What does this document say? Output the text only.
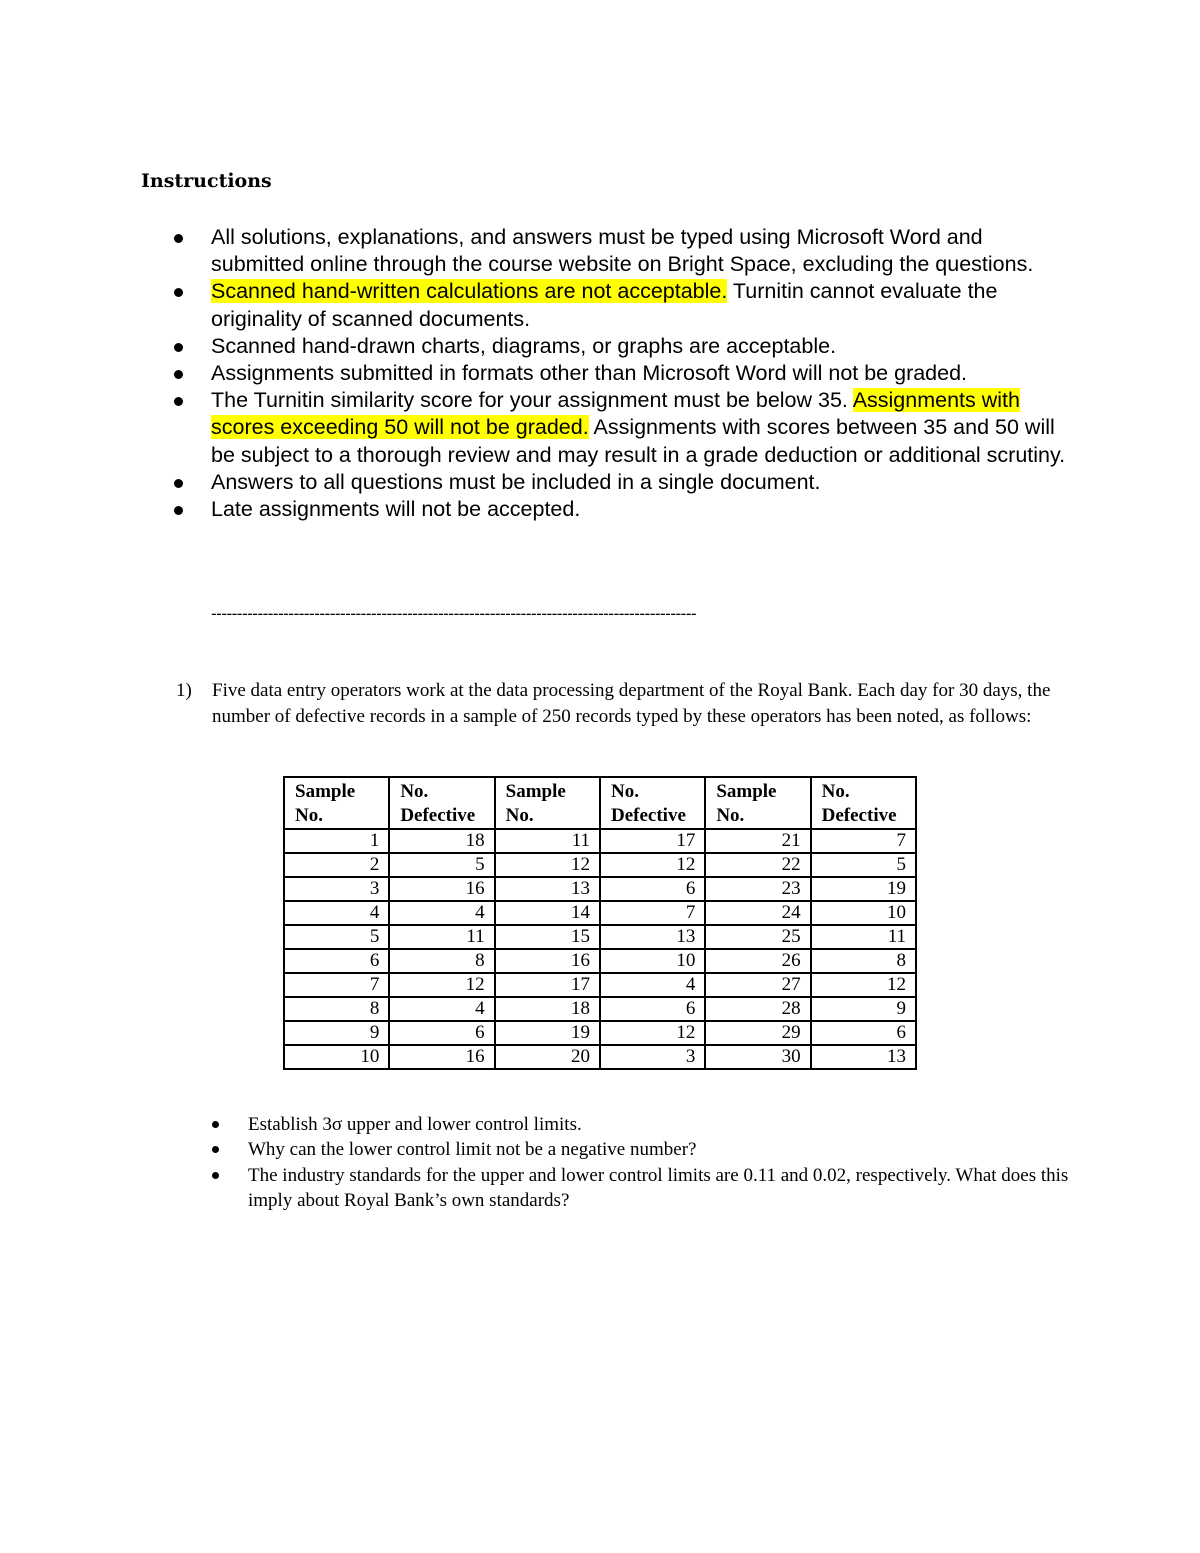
Instructions
All solutions, explanations, and answers must be typed using Microsoft Word and submitted online through the course website on Bright Space, excluding the questions.
Scanned hand-written calculations are not acceptable. Turnitin cannot evaluate the originality of scanned documents.
Scanned hand-drawn charts, diagrams, or graphs are acceptable.
Assignments submitted in formats other than Microsoft Word will not be graded.
The Turnitin similarity score for your assignment must be below 35. Assignments with scores exceeding 50 will not be graded. Assignments with scores between 35 and 50 will be subject to a thorough review and may result in a grade deduction or additional scrutiny.
Answers to all questions must be included in a single document.
Late assignments will not be accepted.
----------------------------------------------------------------------------------------------
1) Five data entry operators work at the data processing department of the Royal Bank. Each day for 30 days, the number of defective records in a sample of 250 records typed by these operators has been noted, as follows:
Sample No.	No. Defective	Sample No.	No. Defective	Sample No.	No. Defective
1	18	11	17	21	7
2	5	12	12	22	5
3	16	13	6	23	19
4	4	14	7	24	10
5	11	15	13	25	11
6	8	16	10	26	8
7	12	17	4	27	12
8	4	18	6	28	9
9	6	19	12	29	6
10	16	20	3	30	13
Establish 3σ upper and lower control limits.
Why can the lower control limit not be a negative number?
The industry standards for the upper and lower control limits are 0.11 and 0.02, respectively. What does this imply about Royal Bank’s own standards?
